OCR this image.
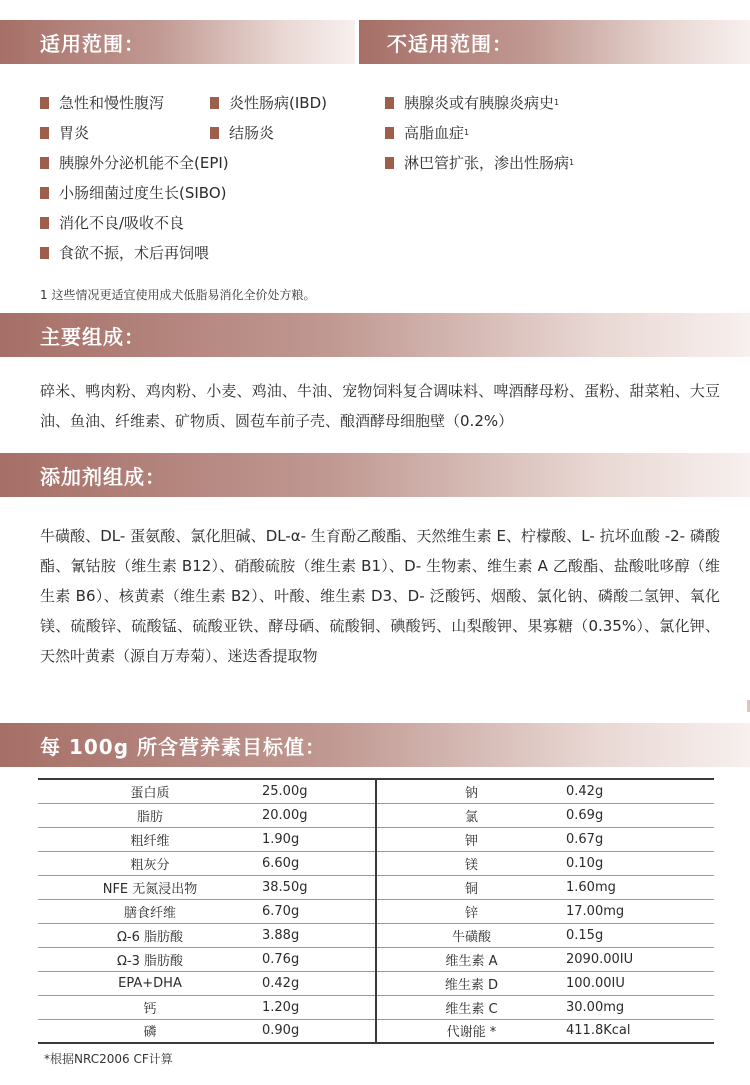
适用范围：	不适用范围：
急性和慢性腹泻	炎性肠病(IBD)
胃炎	结肠炎
胰腺外分泌机能不全(EPI)
小肠细菌过度生长(SIBO)
消化不良/吸收不良
食欲不振，术后再饲喂
胰腺炎或有胰腺炎病史 1
高脂血症 1
淋巴管扩张，渗出性肠病 1
1 这些情况更适宜使用成犬低脂易消化全价处方粮。
主要组成：
碎米、鸭肉粉、鸡肉粉、小麦、鸡油、牛油、宠物饲料复合调味料、啤酒酵母粉、蛋粉、甜菜粕、大豆油、鱼油、纤维素、矿物质、圆苞车前子壳、酿酒酵母细胞壁（0.2%）
添加剂组成：
牛磺酸、DL- 蛋氨酸、氯化胆碱、DL-α- 生育酚乙酸酯、天然维生素 E、柠檬酸、L- 抗坏血酸 -2- 磷酸酯、氰钴胺（维生素 B12）、硝酸硫胺（维生素 B1）、D- 生物素、维生素 A 乙酸酯、盐酸吡哆醇（维生素 B6）、核黄素（维生素 B2）、叶酸、维生素 D3、D- 泛酸钙、烟酸、氯化钠、磷酸二氢钾、氧化镁、硫酸锌、硫酸锰、硫酸亚铁、酵母硒、硫酸铜、碘酸钙、山梨酸钾、果寡糖（0.35%）、氯化钾、天然叶黄素（源自万寿菊）、迷迭香提取物
每 100g 所含营养素目标值：
蛋白质	25.00g		钠	0.42g
脂肪	20.00g		氯	0.69g
粗纤维	1.90g		钾	0.67g
粗灰分	6.60g		镁	0.10g
NFE 无氮浸出物	38.50g		铜	1.60mg
膳食纤维	6.70g		锌	17.00mg
Ω-6 脂肪酸	3.88g		牛磺酸	0.15g
Ω-3 脂肪酸	0.76g		维生素 A	2090.00IU
EPA+DHA	0.42g		维生素 D	100.00IU
钙	1.20g		维生素 C	30.00mg
磷	0.90g		代谢能 *	411.8Kcal
*根据NRC2006 CF计算
